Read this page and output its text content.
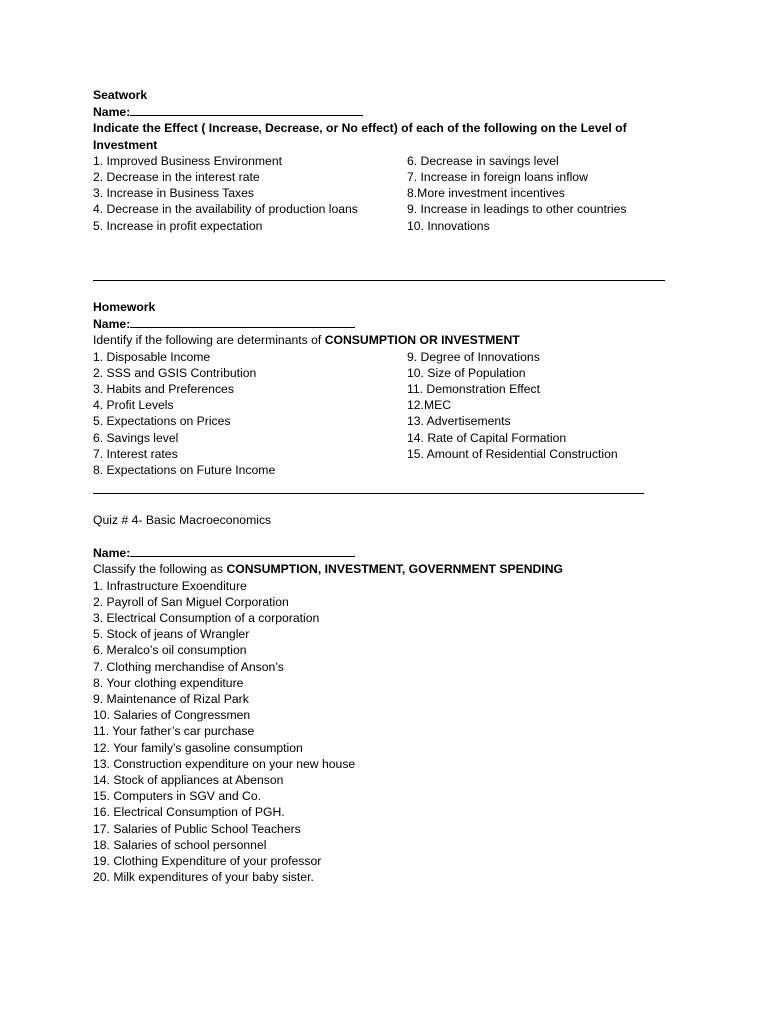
Seatwork
Name:
Indicate the Effect ( Increase, Decrease, or No effect) of each of the following on the Level of Investment
1. Improved Business Environment
2. Decrease in the interest rate
3. Increase in Business Taxes
4. Decrease in the availability of production loans
5. Increase in profit expectation
6. Decrease in savings level
7. Increase in foreign loans inflow
8.More investment incentives
9. Increase in leadings to other countries
10. Innovations
Homework
Name:
Identify if the following are determinants of CONSUMPTION OR INVESTMENT
1. Disposable Income
2. SSS and GSIS Contribution
3. Habits and Preferences
4. Profit Levels
5. Expectations on Prices
6. Savings level
7. Interest rates
8. Expectations on Future Income
9. Degree of Innovations
10. Size of Population
11. Demonstration Effect
12.MEC
13. Advertisements
14. Rate of Capital Formation
15. Amount of Residential Construction
Quiz # 4- Basic Macroeconomics
Name:
Classify the following as CONSUMPTION, INVESTMENT, GOVERNMENT SPENDING
1. Infrastructure Exoenditure
2. Payroll of San Miguel Corporation
3. Electrical Consumption of a corporation
5. Stock of jeans of Wrangler
6. Meralco’s oil consumption
7. Clothing merchandise of Anson’s
8. Your clothing expenditure
9. Maintenance of Rizal Park
10. Salaries of Congressmen
11. Your father’s car purchase
12. Your family’s gasoline consumption
13. Construction expenditure on your new house
14. Stock of appliances at Abenson
15. Computers in SGV and Co.
16. Electrical Consumption of PGH.
17. Salaries of Public School Teachers
18. Salaries of school personnel
19. Clothing Expenditure of your professor
20. Milk expenditures of your baby sister.
